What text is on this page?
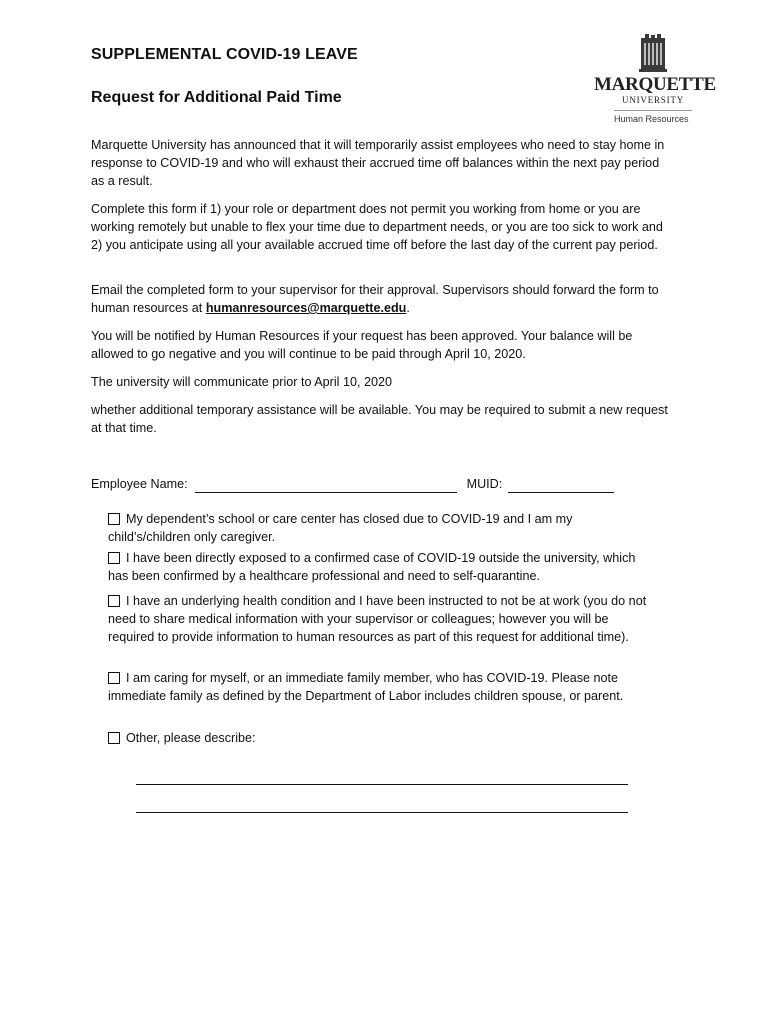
SUPPLEMENTAL COVID-19 LEAVE
Request for Additional Paid Time
MARQUETTE
UNIVERSITY
Human Resources

Marquette University has announced that it will temporarily assist employees who need to stay home in response to COVID-19 and who will exhaust their accrued time off balances within the next pay period as a result.

Complete this form if 1) your role or department does not permit you working from home or you are working remotely but unable to flex your time due to department needs, or you are too sick to work and 2) you anticipate using all your available accrued time off before the last day of the current pay period.

Email the completed form to your supervisor for their approval. Supervisors should forward the form to human resources at humanresources@marquette.edu.

You will be notified by Human Resources if your request has been approved. Your balance will be allowed to go negative and you will continue to be paid through April 10, 2020.

The university will communicate prior to April 10, 2020

whether additional temporary assistance will be available. You may be required to submit a new request at that time.

Employee Name:	MUID:

My dependent’s school or care center has closed due to COVID-19 and I am my child’s/children only caregiver.

I have been directly exposed to a confirmed case of COVID-19 outside the university, which has been confirmed by a healthcare professional and need to self-quarantine.

I have an underlying health condition and I have been instructed to not be at work (you do not need to share medical information with your supervisor or colleagues; however you will be required to provide information to human resources as part of this request for additional time).

I am caring for myself, or an immediate family member, who has COVID-19. Please note immediate family as defined by the Department of Labor includes children spouse, or parent.

Other, please describe:
